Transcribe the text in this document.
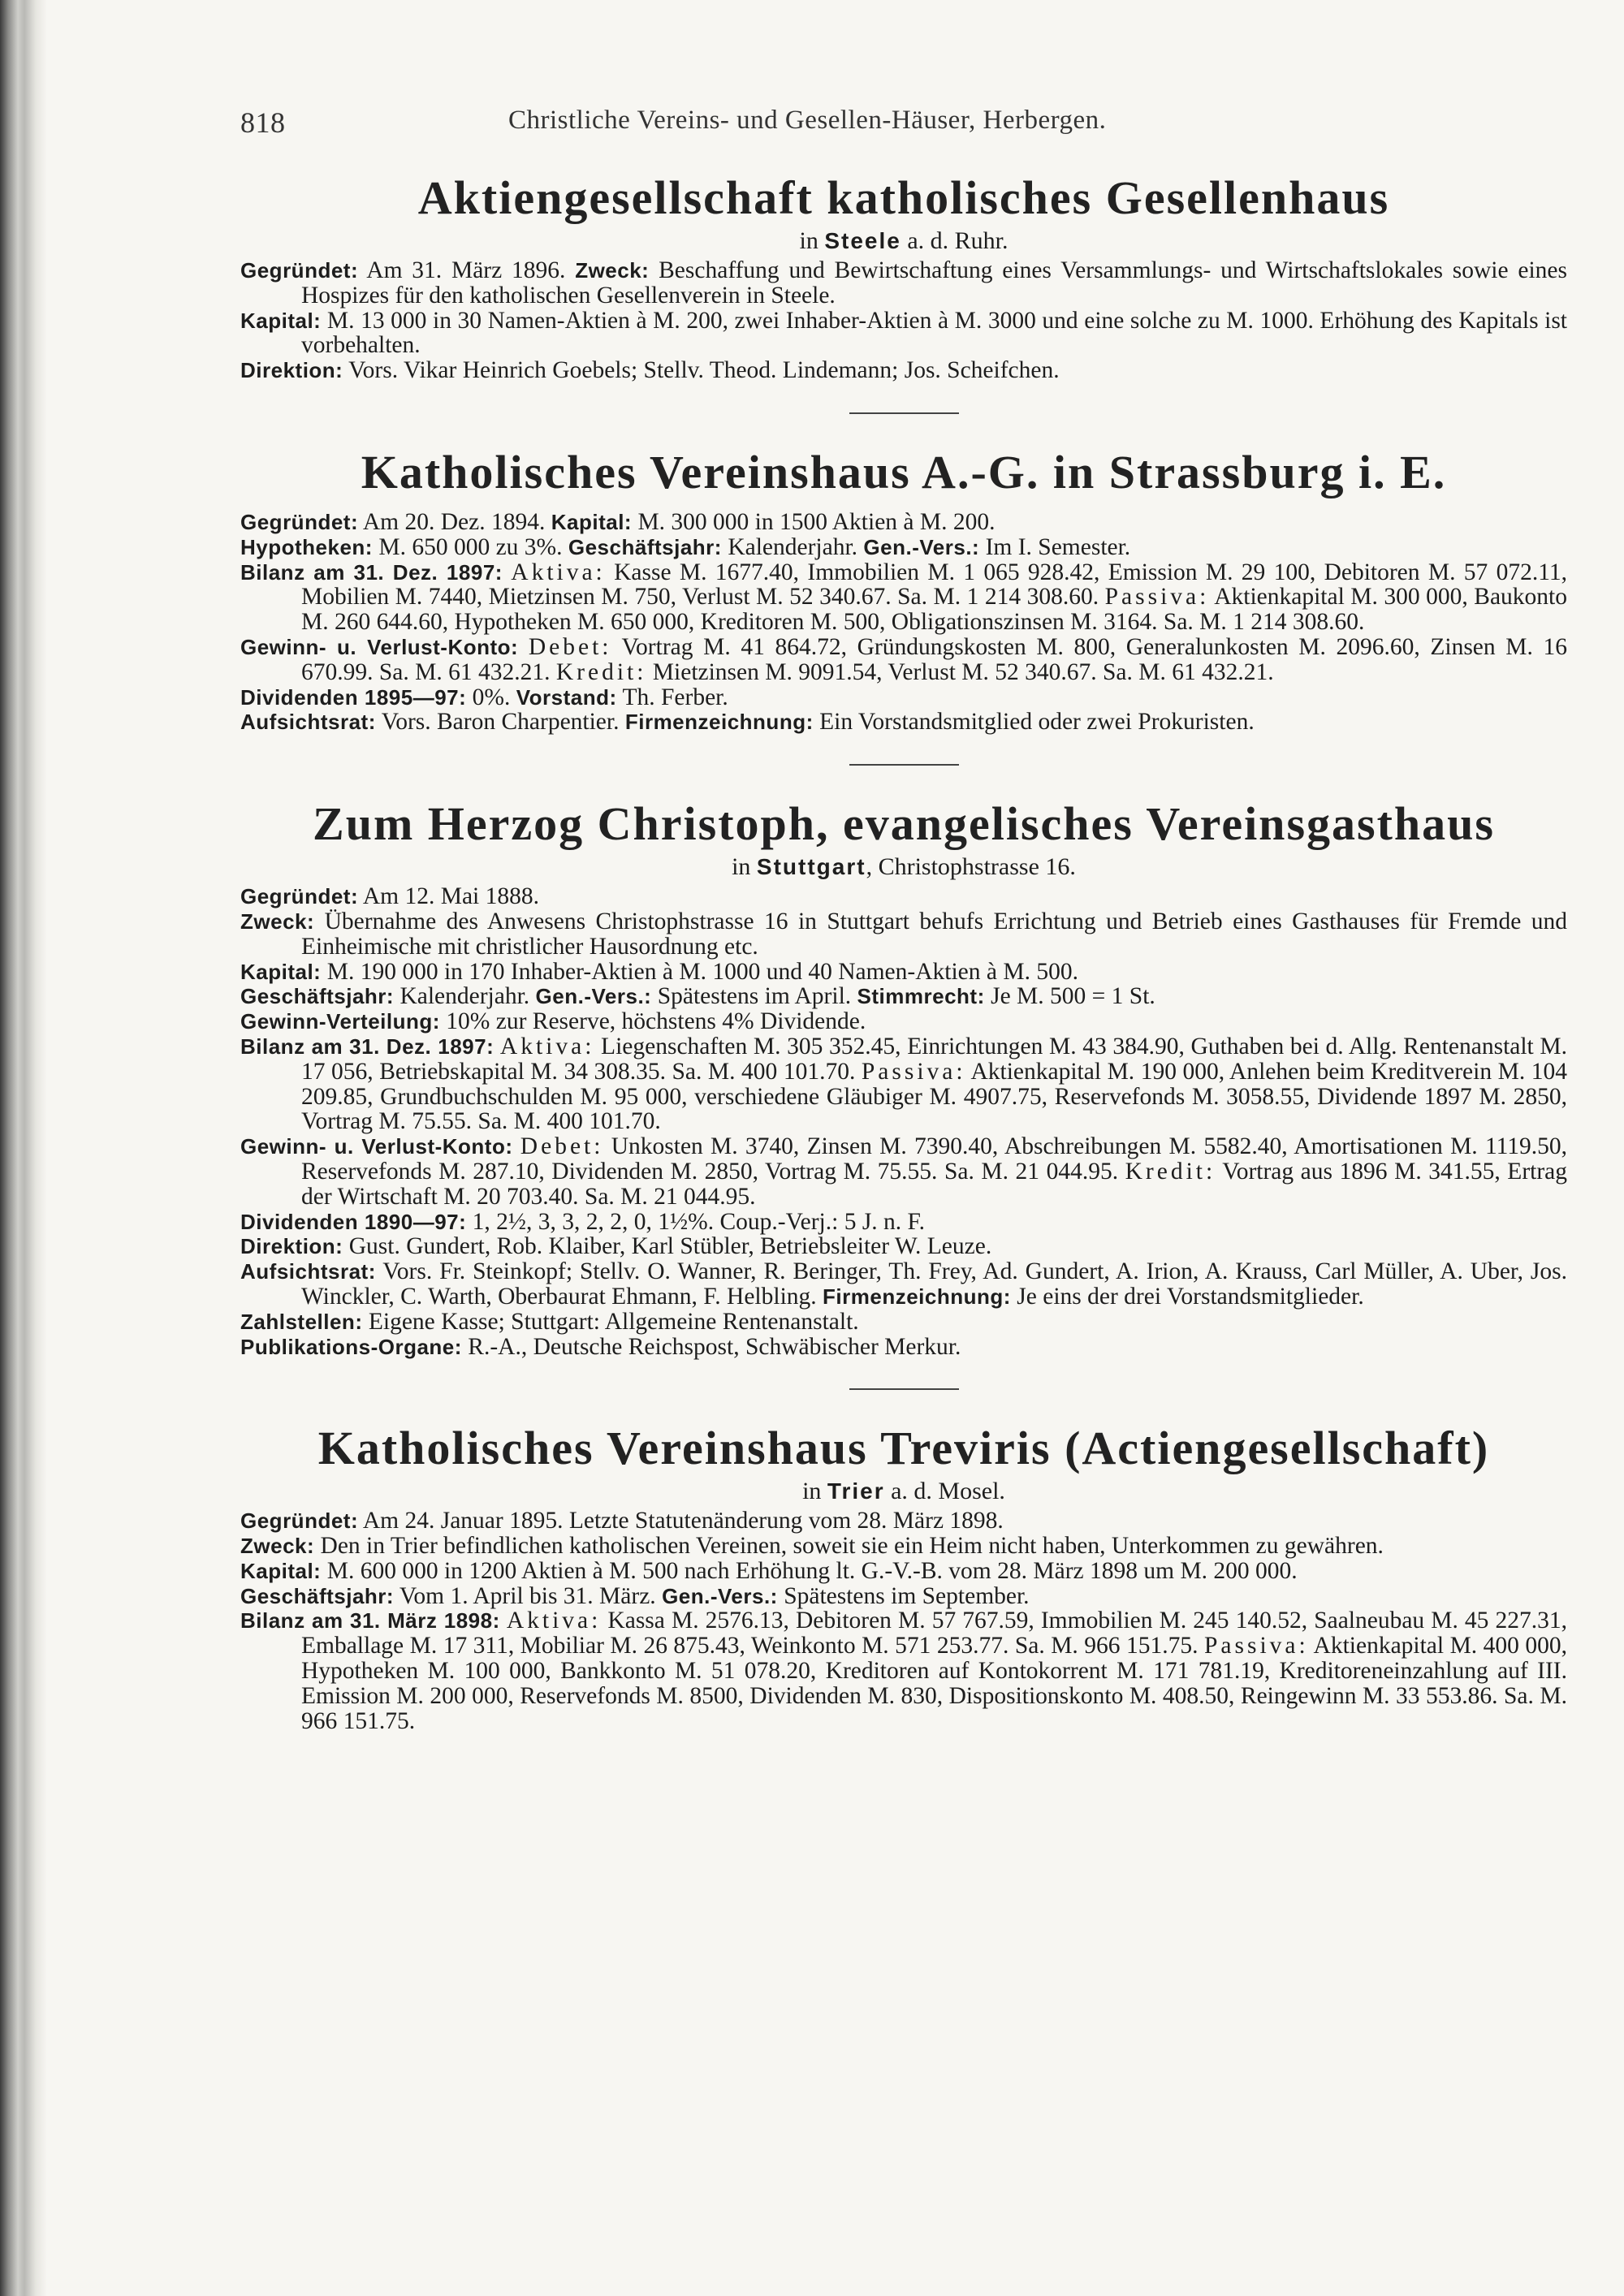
818	Christliche Vereins- und Gesellen-Häuser, Herbergen.
Aktiengesellschaft katholisches Gesellenhaus
in Steele a. d. Ruhr.

Gegründet: Am 31. März 1896. Zweck: Beschaffung und Bewirtschaftung eines Versammlungs- und Wirtschaftslokales sowie eines Hospizes für den katholischen Gesellenverein in Steele.

Kapital: M. 13 000 in 30 Namen-Aktien à M. 200, zwei Inhaber-Aktien à M. 3000 und eine solche zu M. 1000. Erhöhung des Kapitals ist vorbehalten.

Direktion: Vors. Vikar Heinrich Goebels; Stellv. Theod. Lindemann; Jos. Scheifchen.

Katholisches Vereinshaus A.-G. in Strassburg i. E.

Gegründet: Am 20. Dez. 1894. Kapital: M. 300 000 in 1500 Aktien à M. 200.

Hypotheken: M. 650 000 zu 3%. Geschäftsjahr: Kalenderjahr. Gen.-Vers.: Im I. Semester.

Bilanz am 31. Dez. 1897: Aktiva: Kasse M. 1677.40, Immobilien M. 1 065 928.42, Emission M. 29 100, Debitoren M. 57 072.11, Mobilien M. 7440, Mietzinsen M. 750, Verlust M. 52 340.67. Sa. M. 1 214 308.60. Passiva: Aktienkapital M. 300 000, Baukonto M. 260 644.60, Hypotheken M. 650 000, Kreditoren M. 500, Obligationszinsen M. 3164. Sa. M. 1 214 308.60.

Gewinn- u. Verlust-Konto: Debet: Vortrag M. 41 864.72, Gründungskosten M. 800, Generalunkosten M. 2096.60, Zinsen M. 16 670.99. Sa. M. 61 432.21. Kredit: Mietzinsen M. 9091.54, Verlust M. 52 340.67. Sa. M. 61 432.21.

Dividenden 1895—97: 0%. Vorstand: Th. Ferber.

Aufsichtsrat: Vors. Baron Charpentier. Firmenzeichnung: Ein Vorstandsmitglied oder zwei Prokuristen.

Zum Herzog Christoph, evangelisches Vereinsgasthaus
in Stuttgart, Christophstrasse 16.

Gegründet: Am 12. Mai 1888.

Zweck: Übernahme des Anwesens Christophstrasse 16 in Stuttgart behufs Errichtung und Betrieb eines Gasthauses für Fremde und Einheimische mit christlicher Hausordnung etc.

Kapital: M. 190 000 in 170 Inhaber-Aktien à M. 1000 und 40 Namen-Aktien à M. 500.

Geschäftsjahr: Kalenderjahr. Gen.-Vers.: Spätestens im April. Stimmrecht: Je M. 500 = 1 St.

Gewinn-Verteilung: 10% zur Reserve, höchstens 4% Dividende.

Bilanz am 31. Dez. 1897: Aktiva: Liegenschaften M. 305 352.45, Einrichtungen M. 43 384.90, Guthaben bei d. Allg. Rentenanstalt M. 17 056, Betriebskapital M. 34 308.35. Sa. M. 400 101.70. Passiva: Aktienkapital M. 190 000, Anlehen beim Kreditverein M. 104 209.85, Grundbuchschulden M. 95 000, verschiedene Gläubiger M. 4907.75, Reservefonds M. 3058.55, Dividende 1897 M. 2850, Vortrag M. 75.55. Sa. M. 400 101.70.

Gewinn- u. Verlust-Konto: Debet: Unkosten M. 3740, Zinsen M. 7390.40, Abschreibungen M. 5582.40, Amortisationen M. 1119.50, Reservefonds M. 287.10, Dividenden M. 2850, Vortrag M. 75.55. Sa. M. 21 044.95. Kredit: Vortrag aus 1896 M. 341.55, Ertrag der Wirtschaft M. 20 703.40. Sa. M. 21 044.95.

Dividenden 1890—97: 1, 2½, 3, 3, 2, 2, 0, 1½%. Coup.-Verj.: 5 J. n. F.

Direktion: Gust. Gundert, Rob. Klaiber, Karl Stübler, Betriebsleiter W. Leuze.

Aufsichtsrat: Vors. Fr. Steinkopf; Stellv. O. Wanner, R. Beringer, Th. Frey, Ad. Gundert, A. Irion, A. Krauss, Carl Müller, A. Uber, Jos. Winckler, C. Warth, Oberbaurat Ehmann, F. Helbling. Firmenzeichnung: Je eins der drei Vorstandsmitglieder.

Zahlstellen: Eigene Kasse; Stuttgart: Allgemeine Rentenanstalt.

Publikations-Organe: R.-A., Deutsche Reichspost, Schwäbischer Merkur.

Katholisches Vereinshaus Treviris (Actiengesellschaft)
in Trier a. d. Mosel.

Gegründet: Am 24. Januar 1895. Letzte Statutenänderung vom 28. März 1898.

Zweck: Den in Trier befindlichen katholischen Vereinen, soweit sie ein Heim nicht haben, Unterkommen zu gewähren.

Kapital: M. 600 000 in 1200 Aktien à M. 500 nach Erhöhung lt. G.-V.-B. vom 28. März 1898 um M. 200 000.

Geschäftsjahr: Vom 1. April bis 31. März. Gen.-Vers.: Spätestens im September.

Bilanz am 31. März 1898: Aktiva: Kassa M. 2576.13, Debitoren M. 57 767.59, Immobilien M. 245 140.52, Saalneubau M. 45 227.31, Emballage M. 17 311, Mobiliar M. 26 875.43, Weinkonto M. 571 253.77. Sa. M. 966 151.75. Passiva: Aktienkapital M. 400 000, Hypotheken M. 100 000, Bankkonto M. 51 078.20, Kreditoren auf Kontokorrent M. 171 781.19, Kreditoreneinzahlung auf III. Emission M. 200 000, Reservefonds M. 8500, Dividenden M. 830, Dispositionskonto M. 408.50, Reingewinn M. 33 553.86. Sa. M. 966 151.75.
